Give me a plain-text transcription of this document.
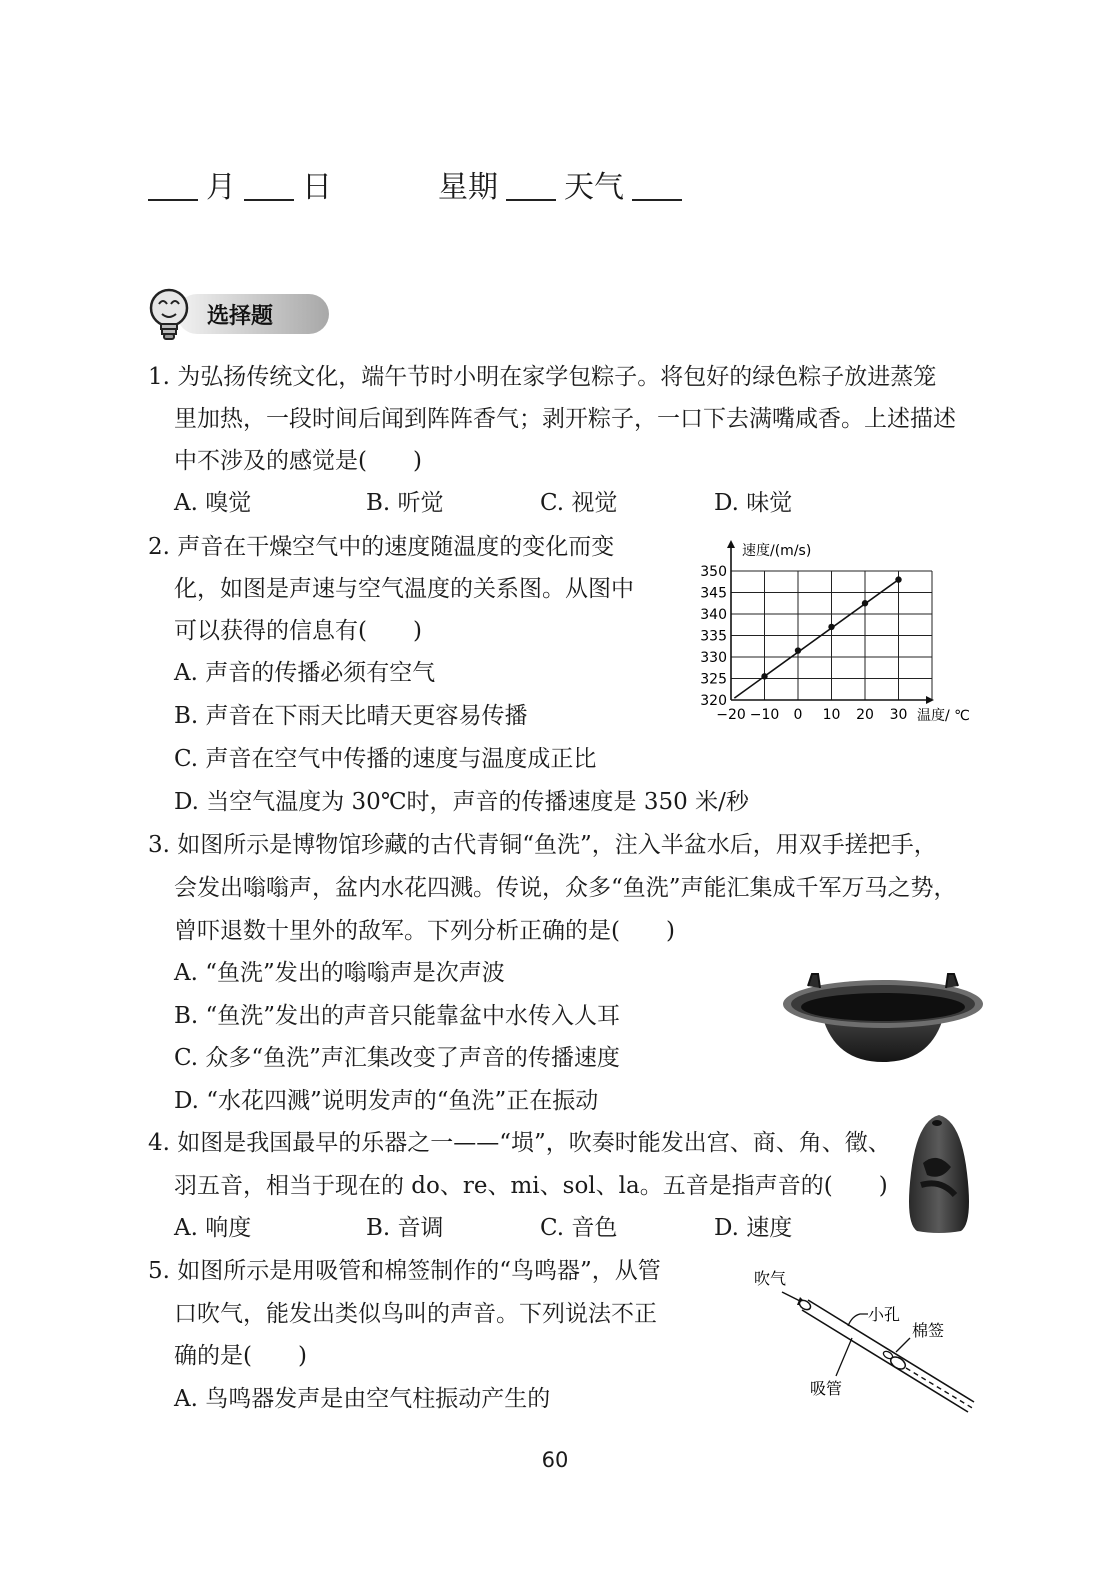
月 日	星期 天气
选择题
1. 为弘扬传统文化，端午节时小明在家学包粽子。将包好的绿色粽子放进蒸笼
里加热，一段时间后闻到阵阵香气；剥开粽子，一口下去满嘴咸香。上述描述
中不涉及的感觉是(　　)
A. 嗅觉	B. 听觉	C. 视觉	D. 味觉
2. 声音在干燥空气中的速度随温度的变化而变
化，如图是声速与空气温度的关系图。从图中
可以获得的信息有(　　)
A. 声音的传播必须有空气
B. 声音在下雨天比晴天更容易传播
C. 声音在空气中传播的速度与温度成正比
D. 当空气温度为 30℃时，声音的传播速度是 350 米/秒
速度/(m/s)
温度/ ℃
320
325
330
335
340
345
350
−20 −10 0 10 20 30
3. 如图所示是博物馆珍藏的古代青铜“鱼洗”，注入半盆水后，用双手搓把手，
会发出嗡嗡声，盆内水花四溅。传说，众多“鱼洗”声能汇集成千军万马之势，
曾吓退数十里外的敌军。下列分析正确的是(　　)
A. “鱼洗”发出的嗡嗡声是次声波
B. “鱼洗”发出的声音只能靠盆中水传入人耳
C. 众多“鱼洗”声汇集改变了声音的传播速度
D. “水花四溅”说明发声的“鱼洗”正在振动
4. 如图是我国最早的乐器之一——“埙”，吹奏时能发出宫、商、角、徵、
羽五音，相当于现在的 do、re、mi、sol、la。五音是指声音的(　　)
A. 响度	B. 音调	C. 音色	D. 速度
5. 如图所示是用吸管和棉签制作的“鸟鸣器”，从管
口吹气，能发出类似鸟叫的声音。下列说法不正
确的是(　　)
A. 鸟鸣器发声是由空气柱振动产生的
吹气
小孔
棉签
吸管
60
